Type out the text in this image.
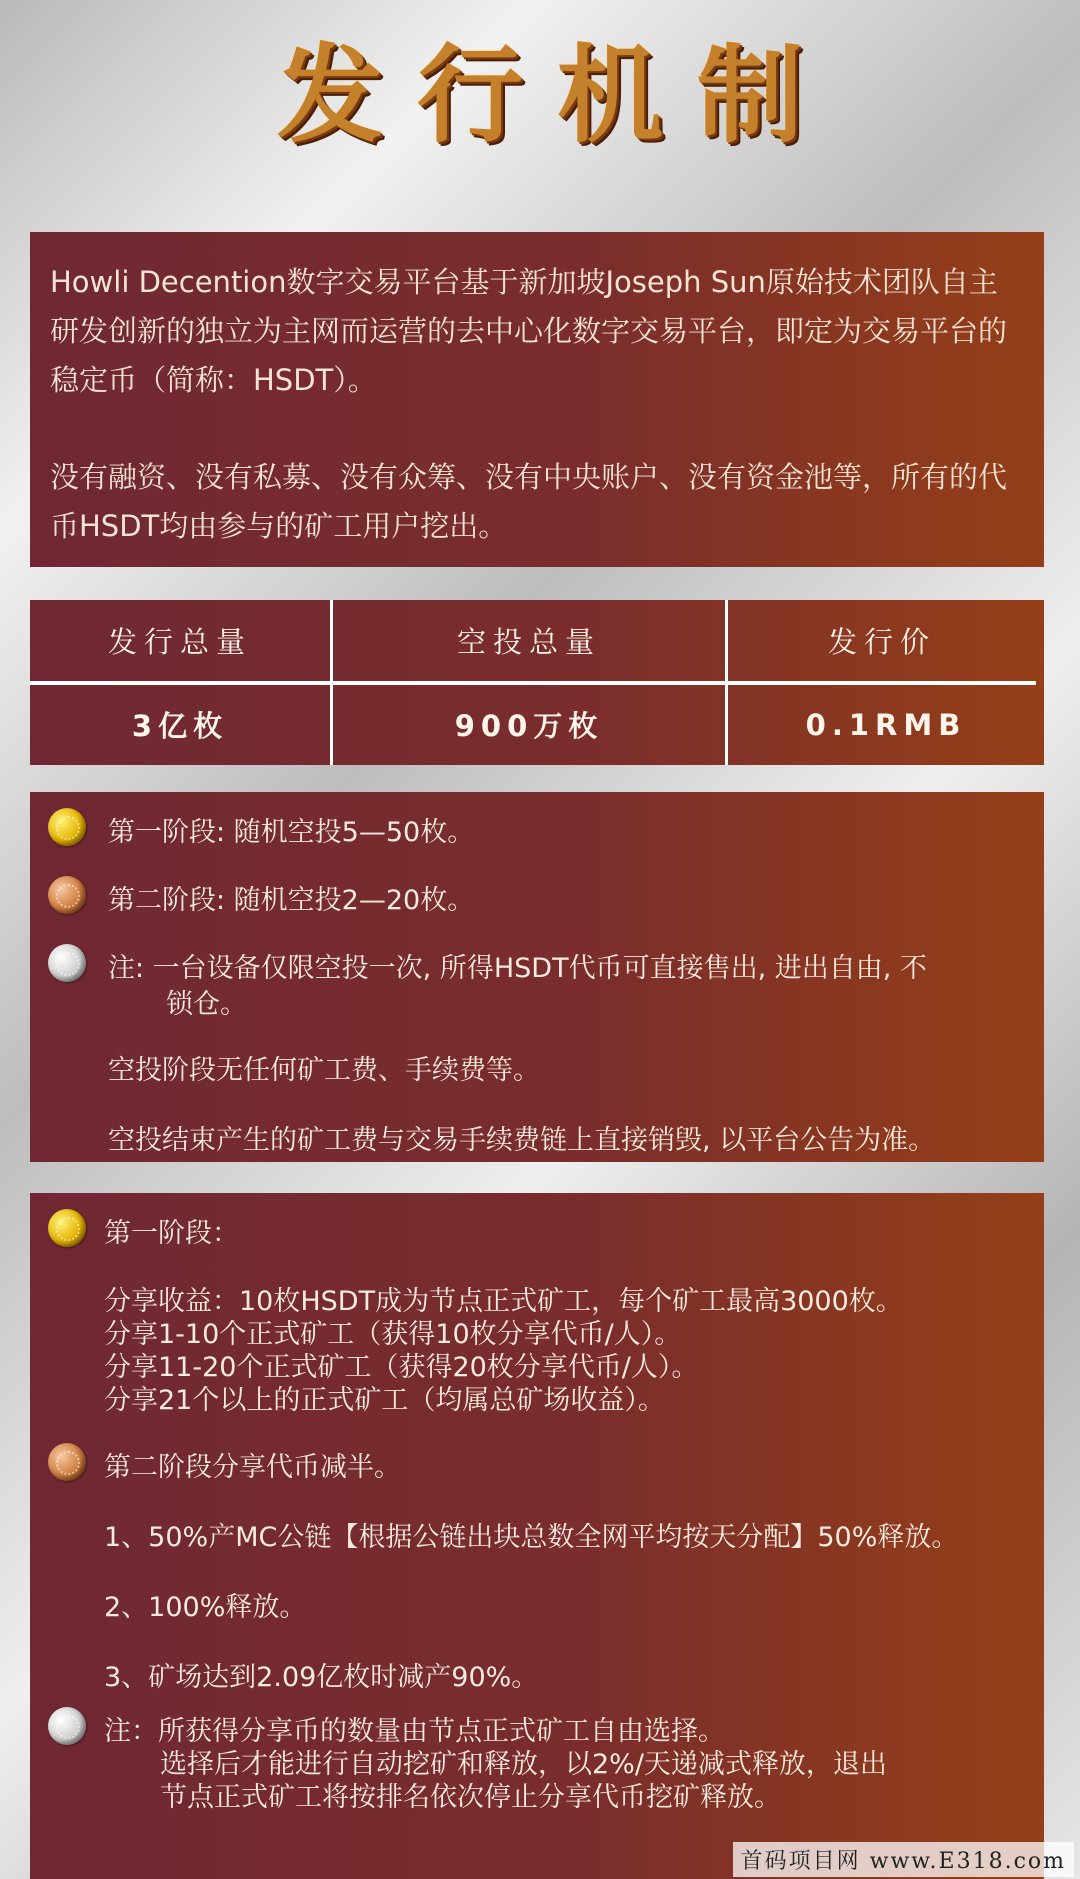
发行机制

Howli Decention数字交易平台基于新加坡Joseph Sun原始技术团队自主研发创新的独立为主网而运营的去中心化数字交易平台，即定为交易平台的稳定币（简称：HSDT）。

没有融资、没有私募、没有众筹、没有中央账户、没有资金池等，所有的代币HSDT均由参与的矿工用户挖出。

发行总量	空投总量	发行价
3亿枚	900万枚	0.1RMB
第一阶段: 随机空投5—50枚。
第二阶段: 随机空投2—20枚。
注: 一台设备仅限空投一次, 所得HSDT代币可直接售出, 进出自由, 不
锁仓。
空投阶段无任何矿工费、手续费等。
空投结束产生的矿工费与交易手续费链上直接销毁, 以平台公告为准。
第一阶段：
分享收益：10枚HSDT成为节点正式矿工，每个矿工最高3000枚。
分享1-10个正式矿工（获得10枚分享代币/人）。
分享11-20个正式矿工（获得20枚分享代币/人）。
分享21个以上的正式矿工（均属总矿场收益）。
第二阶段分享代币减半。
1、50%产MC公链【根据公链出块总数全网平均按天分配】50%释放。
2、100%释放。
3、矿场达到2.09亿枚时减产90%。
注：所获得分享币的数量由节点正式矿工自由选择。
选择后才能进行自动挖矿和释放，以2%/天递减式释放，退出
节点正式矿工将按排名依次停止分享代币挖矿释放。
首码项目网 www.E318.com
